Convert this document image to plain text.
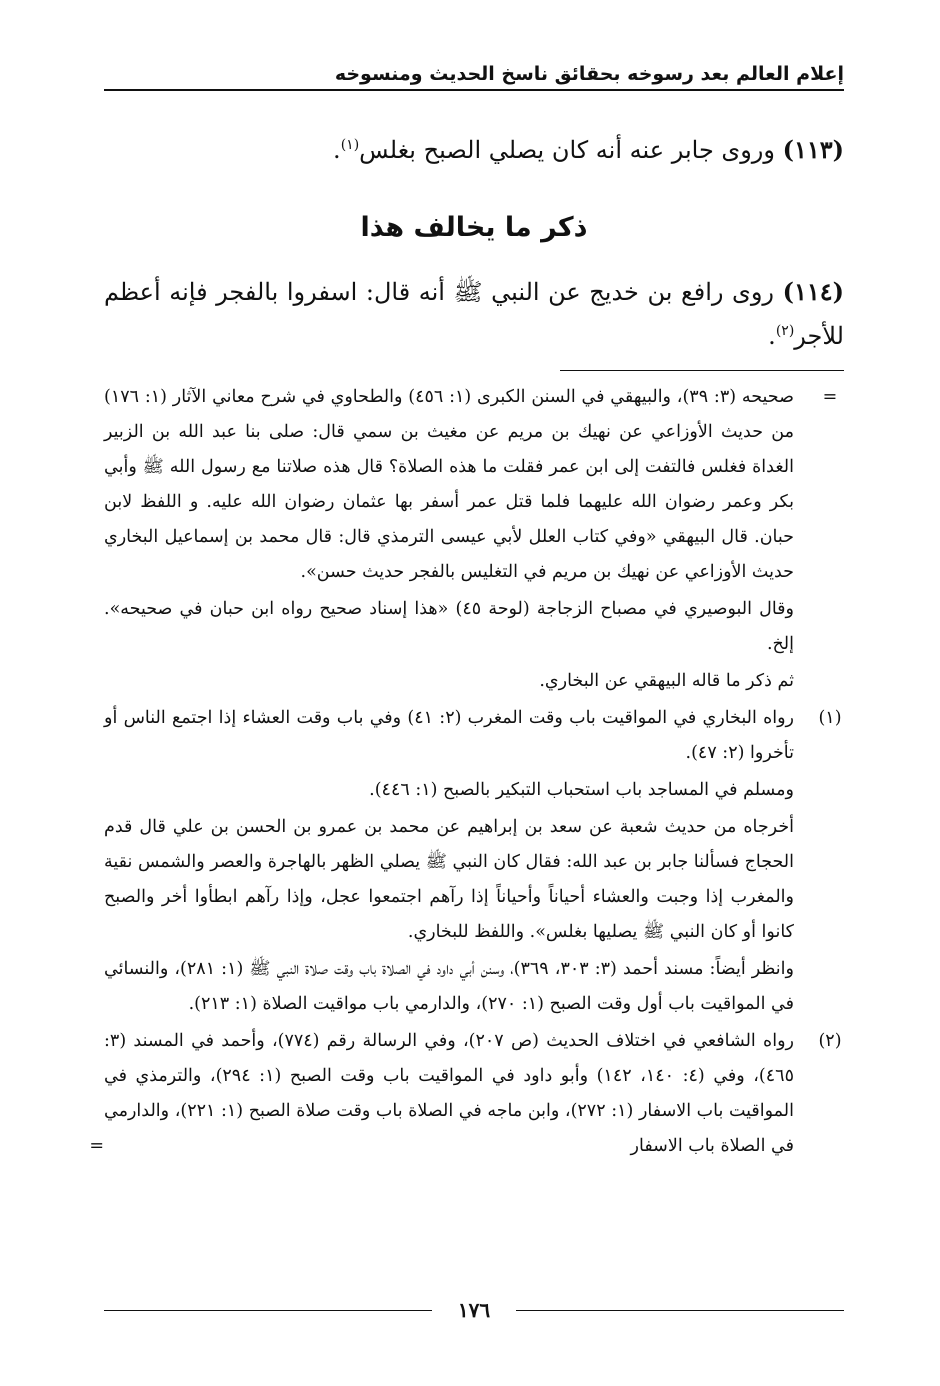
إعلام العالم بعد رسوخه بحقائق ناسخ الحديث ومنسوخه

(١١٣) وروى جابر عنه أنه كان يصلي الصبح بغلس$^{(١)}$.

ذكر ما يخالف هذا

(١١٤) روى رافع بن خديج عن النبي ﷺ أنه قال: اسفروا بالفجر فإنه أعظم للأجر$^{(٢)}$.

=

صحيحه (٣: ٣٩)، والبيهقي في السنن الكبرى (١: ٤٥٦) والطحاوي في شرح معاني الآثار (١: ١٧٦) من حديث الأوزاعي عن نهيك بن مريم عن مغيث بن سمي قال: صلى بنا عبد الله بن الزبير الغداة فغلس فالتفت إلى ابن عمر فقلت ما هذه الصلاة؟ قال هذه صلاتنا مع رسول الله ﷺ وأبي بكر وعمر رضوان الله عليهما فلما قتل عمر أسفر بها عثمان رضوان الله عليه. و اللفظ لابن حبان. قال البيهقي «وفي كتاب العلل لأبي عيسى الترمذي قال: قال محمد بن إسماعيل البخاري حديث الأوزاعي عن نهيك بن مريم في التغليس بالفجر حديث حسن».

وقال البوصيري في مصباح الزجاجة (لوحة ٤٥) «هذا إسناد صحيح رواه ابن حبان في صحيحه». إلخ.

ثم ذكر ما قاله البيهقي عن البخاري.

(١)

رواه البخاري في المواقيت باب وقت المغرب (٢: ٤١) وفي باب وقت العشاء إذا اجتمع الناس أو تأخروا (٢: ٤٧).

ومسلم في المساجد باب استحباب التبكير بالصبح (١: ٤٤٦).

أخرجاه من حديث شعبة عن سعد بن إبراهيم عن محمد بن عمرو بن الحسن بن علي قال قدم الحجاج فسألنا جابر بن عبد الله: فقال كان النبي ﷺ يصلي الظهر بالهاجرة والعصر والشمس نقية والمغرب إذا وجبت والعشاء أحياناً وأحياناً إذا رآهم اجتمعوا عجل، وإذا رآهم ابطأوا أخر والصبح كانوا أو كان النبي ﷺ يصليها بغلس». واللفظ للبخاري.

وانظر أيضاً: مسند أحمد (٣: ٣٠٣، ٣٦٩)، وسنن أبي داود في الصلاة باب وقت صلاة النبي ﷺ (١: ٢٨١)، والنسائي في المواقيت باب أول وقت الصبح (١: ٢٧٠)، والدارمي باب مواقيت الصلاة (١: ٢١٣).

(٢)

رواه الشافعي في اختلاف الحديث (ص ٢٠٧)، وفي الرسالة رقم (٧٧٤)، وأحمد في المسند (٣: ٤٦٥)، وفي (٤: ١٤٠، ١٤٢) وأبو داود في المواقيت باب وقت الصبح (١: ٢٩٤)، والترمذي في المواقيت باب الاسفار (١: ٢٧٢)، وابن ماجه في الصلاة باب وقت صلاة الصبح (١: ٢٢١)، والدارمي في الصلاة باب الاسفار

=
١٧٦
